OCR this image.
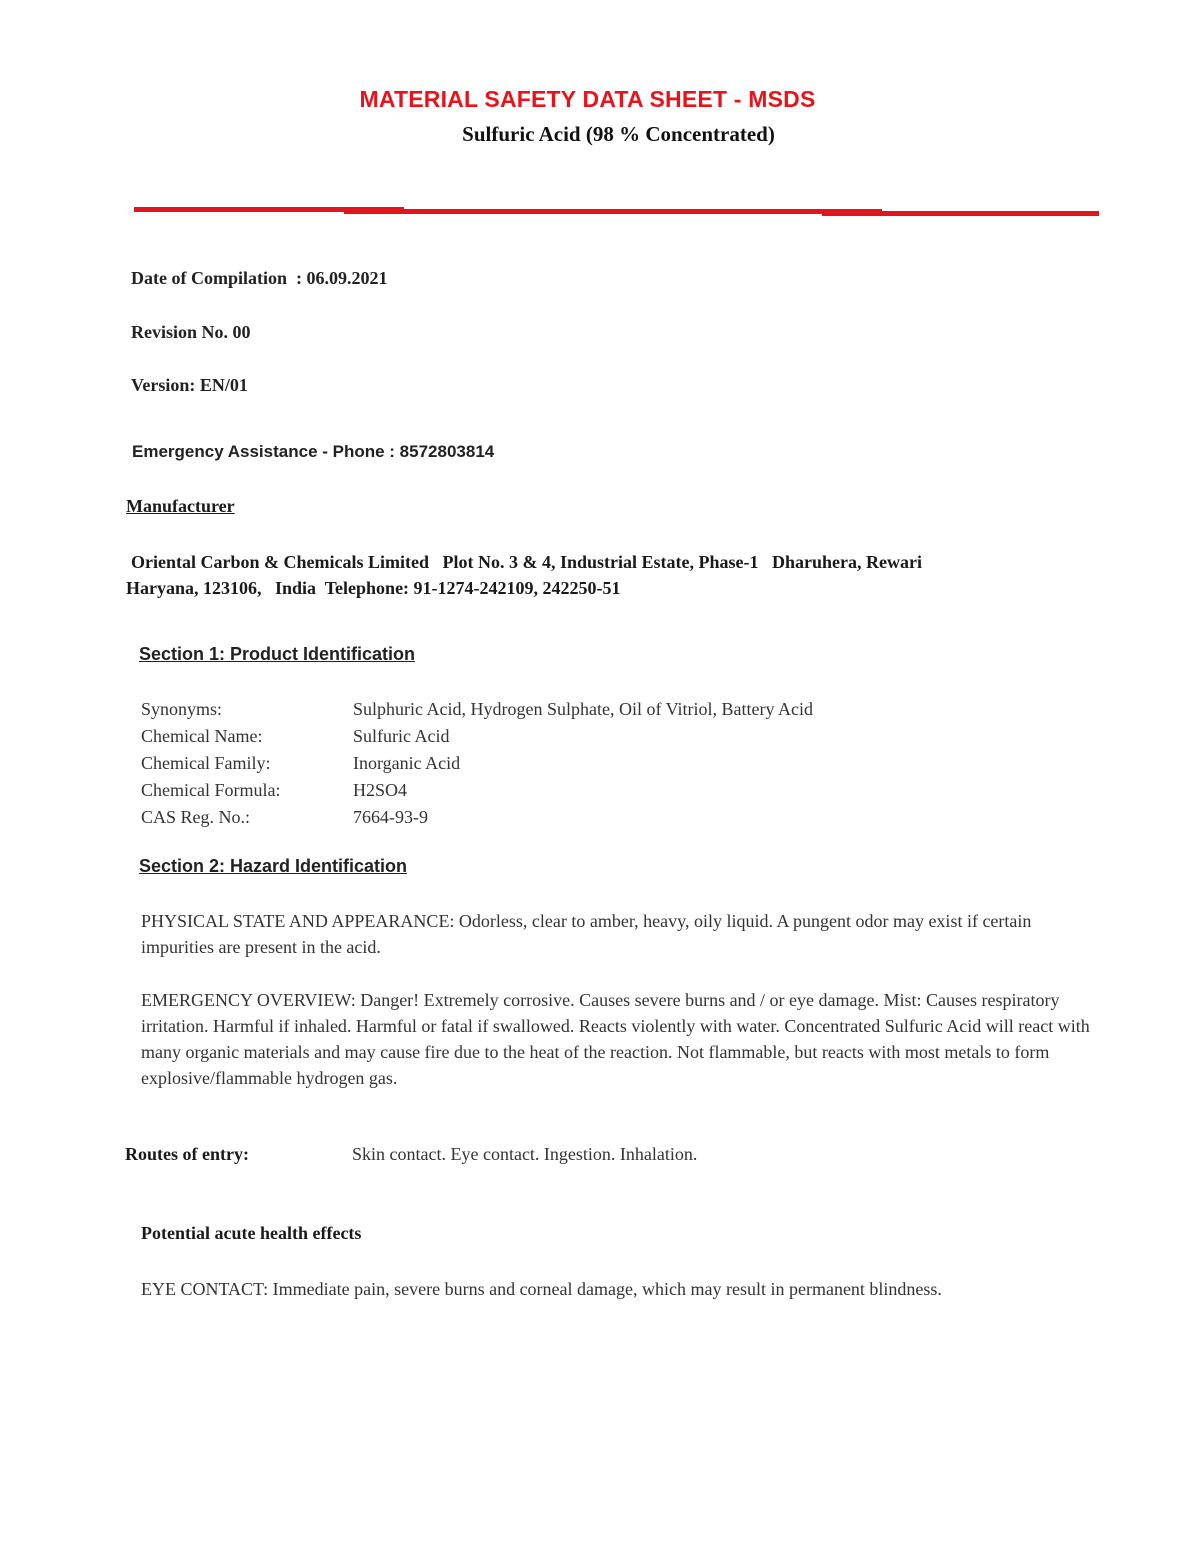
MATERIAL SAFETY DATA SHEET - MSDS
Sulfuric Acid (98 % Concentrated)
Date of Compilation  : 06.09.2021
Revision No. 00
Version: EN/01
Emergency Assistance - Phone : 8572803814
Manufacturer
Oriental Carbon & Chemicals Limited   Plot No. 3 & 4, Industrial Estate, Phase-1   Dharuhera, Rewari
Haryana, 123106,   India  Telephone: 91-1274-242109, 242250-51
Section 1: Product Identification
Synonyms:	Sulphuric Acid, Hydrogen Sulphate, Oil of Vitriol, Battery Acid
Chemical Name:	Sulfuric Acid
Chemical Family:	Inorganic Acid
Chemical Formula:	H2SO4
CAS Reg. No.:	7664-93-9
Section 2: Hazard Identification
PHYSICAL STATE AND APPEARANCE: Odorless, clear to amber, heavy, oily liquid. A pungent odor may exist if certain impurities are present in the acid.
EMERGENCY OVERVIEW: Danger! Extremely corrosive. Causes severe burns and / or eye damage. Mist: Causes respiratory irritation. Harmful if inhaled. Harmful or fatal if swallowed. Reacts violently with water. Concentrated Sulfuric Acid will react with many organic materials and may cause fire due to the heat of the reaction. Not flammable, but reacts with most metals to form explosive/flammable hydrogen gas.
Routes of entry:	Skin contact. Eye contact. Ingestion. Inhalation.
Potential acute health effects
EYE CONTACT: Immediate pain, severe burns and corneal damage, which may result in permanent blindness.
